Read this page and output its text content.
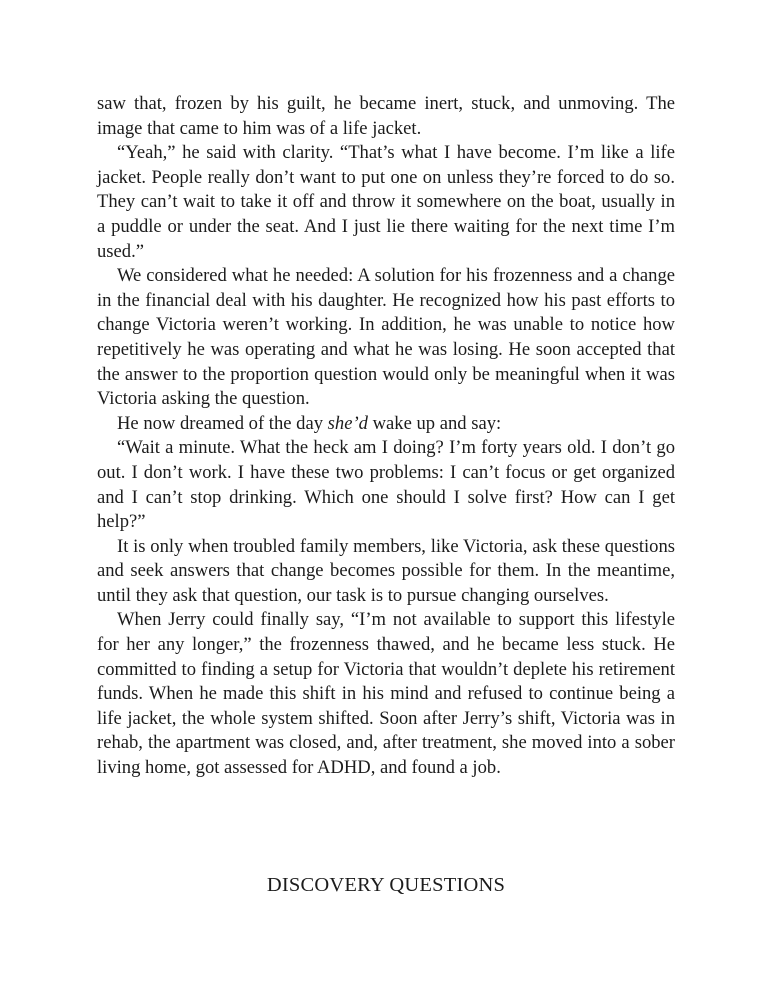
saw that, frozen by his guilt, he became inert, stuck, and unmoving. The image that came to him was of a life jacket.

“Yeah,” he said with clarity. “That’s what I have become. I’m like a life jacket. People really don’t want to put one on unless they’re forced to do so. They can’t wait to take it off and throw it somewhere on the boat, usually in a puddle or under the seat. And I just lie there waiting for the next time I’m used.”

We considered what he needed: A solution for his frozenness and a change in the financial deal with his daughter. He recognized how his past efforts to change Victoria weren’t working. In addition, he was unable to notice how repetitively he was operating and what he was losing. He soon accepted that the answer to the proportion question would only be meaningful when it was Victoria asking the question.

He now dreamed of the day she’d wake up and say:

“Wait a minute. What the heck am I doing? I’m forty years old. I don’t go out. I don’t work. I have these two problems: I can’t focus or get organized and I can’t stop drinking. Which one should I solve first? How can I get help?”

It is only when troubled family members, like Victoria, ask these questions and seek answers that change becomes possible for them. In the meantime, until they ask that question, our task is to pursue changing ourselves.

When Jerry could finally say, “I’m not available to support this lifestyle for her any longer,” the frozenness thawed, and he became less stuck. He committed to finding a setup for Victoria that wouldn’t deplete his retirement funds. When he made this shift in his mind and refused to continue being a life jacket, the whole system shifted. Soon after Jerry’s shift, Victoria was in rehab, the apartment was closed, and, after treatment, she moved into a sober living home, got assessed for ADHD, and found a job.

DISCOVERY QUESTIONS
